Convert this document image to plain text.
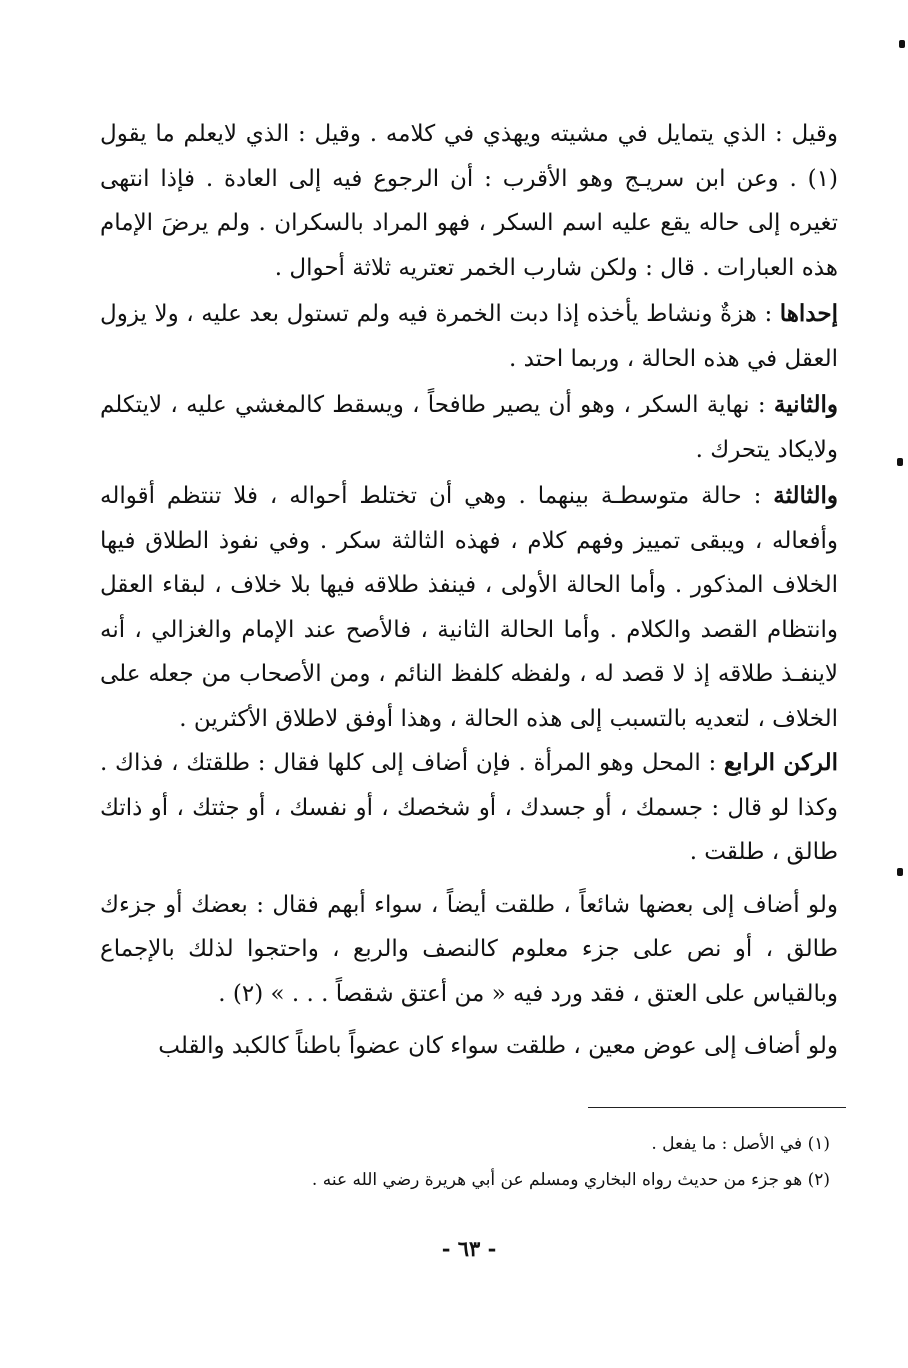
وقيل : الذي يتمايل في مشيته ويهذي في كلامه . وقيل : الذي لايعلم ما يقول (١) . وعن ابن سريـج وهو الأقرب : أن الرجوع فيه إلى العادة . فإذا انتهى تغيره إلى حاله يقع عليه اسم السكر ، فهو المراد بالسكران . ولم يرضَ الإمام هذه العبارات . قال : ولكن شارب الخمر تعتريه ثلاثة أحوال .

إحداها : هزةٌ ونشاط يأخذه إذا دبت الخمرة فيه ولم تستول بعد عليه ، ولا يزول العقل في هذه الحالة ، وربما احتد .

والثانية : نهاية السكر ، وهو أن يصير طافحاً ، ويسقط كالمغشي عليه ، لايتكلم ولايكاد يتحرك .

والثالثة : حالة متوسطـة بينهما . وهي أن تختلط أحواله ، فلا تنتظم أقواله وأفعاله ، ويبقى تمييز وفهم كلام ، فهذه الثالثة سكر . وفي نفوذ الطلاق فيها الخلاف المذكور . وأما الحالة الأولى ، فينفذ طلاقه فيها بلا خلاف ، لبقاء العقل وانتظام القصد والكلام . وأما الحالة الثانية ، فالأصح عند الإمام والغزالي ، أنه لاينفـذ طلاقه إذ لا قصد له ، ولفظه كلفظ النائم ، ومن الأصحاب من جعله على الخلاف ، لتعديه بالتسبب إلى هذه الحالة ، وهذا أوفق لاطلاق الأكثرين .

الركن الرابع : المحل وهو المرأة . فإن أضاف إلى كلها فقال : طلقتك ، فذاك . وكذا لو قال : جسمك ، أو جسدك ، أو شخصك ، أو نفسك ، أو جثتك ، أو ذاتك طالق ، طلقت .

ولو أضاف إلى بعضها شائعاً ، طلقت أيضاً ، سواء أبهم فقال : بعضك أو جزءك طالق ، أو نص على جزء معلوم كالنصف والربع ، واحتجوا لذلك بالإجماع وبالقياس على العتق ، فقد ورد فيه « من أعتق شقصاً . . . » (٢) .

ولو أضاف إلى عوض معين ، طلقت سواء كان عضواً باطناً كالكبد والقلب

(١) في الأصل : ما يفعل .

(٢) هو جزء من حديث رواه البخاري ومسلم عن أبي هريرة رضي الله عنه .

- ٦٣ -
